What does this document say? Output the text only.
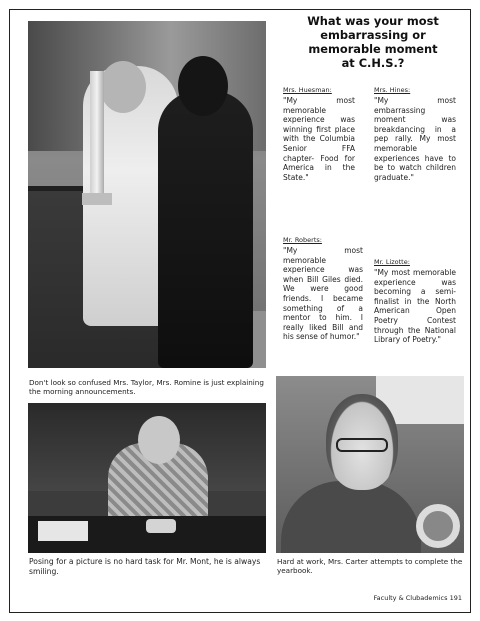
What was your most
embarrassing or
memorable moment
at C.H.S.?
Mrs. Huesman:
"My most memorable experience was winning first place with the Columbia Senior FFA chapter- Food for America in the State."
Mrs. Hines:
"My most embarrassing moment was breakdancing in a pep rally. My most memorable experiences have to be to watch children graduate."
Mr. Roberts:
"My most memorable experience was when Bill Giles died. We were good friends. I became something of a mentor to him. I really liked Bill and his sense of humor."
Mr. Lizotte:
"My most memorable experience was becoming a semi-finalist in the North American Open Poetry Contest through the National Library of Poetry."
Don't look so confused Mrs. Taylor, Mrs. Romine is just explaining the morning announcements.
Posing for a picture is no hard task for Mr. Mont, he is always smiling.
Hard at work, Mrs. Carter attempts to complete the yearbook.
Faculty & Clubademics 191
